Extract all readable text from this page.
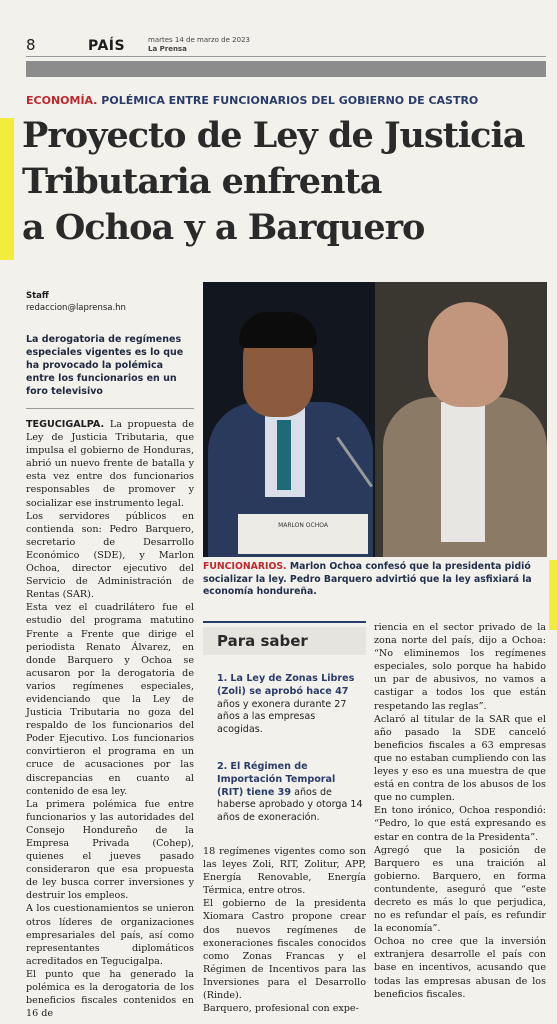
8	PAÍS	martes 14 de marzo de 2023
La Prensa
ECONOMÍA. POLÉMICA ENTRE FUNCIONARIOS DEL GOBIERNO DE CASTRO
Proyecto de Ley de Justicia
Tributaria enfrenta
a Ochoa y a Barquero
Staff
redaccion@laprensa.hn
La derogatoria de regímenes especiales vigentes es lo que ha provocado la polémica entre los funcionarios en un foro televisivo

TEGUCIGALPA. La propuesta de Ley de Justicia Tributaria, que impulsa el gobierno de Honduras, abrió un nuevo frente de batalla y esta vez entre dos funcionarios responsables de promover y socializar ese instrumento legal.

Los servidores públicos en contienda son: Pedro Barquero, secretario de Desarrollo Económico (SDE), y Marlon Ochoa, director ejecutivo del Servicio de Administración de Rentas (SAR).

Esta vez el cuadrilátero fue el estudio del programa matutino Frente a Frente que dirige el periodista Renato Álvarez, en donde Barquero y Ochoa se acusaron por la derogatoria de varios regímenes especiales, evidenciando que la Ley de Justicia Tributaria no goza del respaldo de los funcionarios del Poder Ejecutivo. Los funcionarios convirtieron el programa en un cruce de acusaciones por las discrepancias en cuanto al contenido de esa ley.

La primera polémica fue entre funcionarios y las autoridades del Consejo Hondureño de la Empresa Privada (Cohep), quienes el jueves pasado consideraron que esa propuesta de ley busca correr inversiones y destruir los empleos.

A los cuestionamientos se unieron otros líderes de organizaciones empresariales del país, así como representantes diplomáticos acreditados en Tegucigalpa.

El punto que ha generado la polémica es la derogatoria de los beneficios fiscales contenidos en 16 de

MARLON OCHOA
FUNCIONARIOS. Marlon Ochoa confesó que la presidenta pidió socializar la ley. Pedro Barquero advirtió que la ley asfixiará la economía hondureña.
Para saber
1. La Ley de Zonas Libres (Zoli) se aprobó hace 47 años y exonera durante 27 años a las empresas acogidas.
2. El Régimen de Importación Temporal (RIT) tiene 39 años de haberse aprobado y otorga 14 años de exoneración.

18 regímenes vigentes como son las leyes Zoli, RIT, Zolitur, APP, Energía Renovable, Energía Térmica, entre otros.

El gobierno de la presidenta Xiomara Castro propone crear dos nuevos regímenes de exoneraciones fiscales conocidos como Zonas Francas y el Régimen de Incentivos para las Inversiones para el Desarrollo (Rinde).

Barquero, profesional con expe-

riencia en el sector privado de la zona norte del país, dijo a Ochoa: “No eliminemos los regímenes especiales, solo porque ha habido un par de abusivos, no vamos a castigar a todos los que están respetando las reglas”.

Aclaró al titular de la SAR que el año pasado la SDE canceló beneficios fiscales a 63 empresas que no estaban cumpliendo con las leyes y eso es una muestra de que está en contra de los abusos de los que no cumplen.

En tono irónico, Ochoa respondió: “Pedro, lo que está expresando es estar en contra de la Presidenta”.

Agregó que la posición de Barquero es una traición al gobierno. Barquero, en forma contundente, aseguró que “este decreto es más lo que perjudica, no es refundar el país, es refundir la economía”.

Ochoa no cree que la inversión extranjera desarrolle el país con base en incentivos, acusando que todas las empresas abusan de los beneficios fiscales.
